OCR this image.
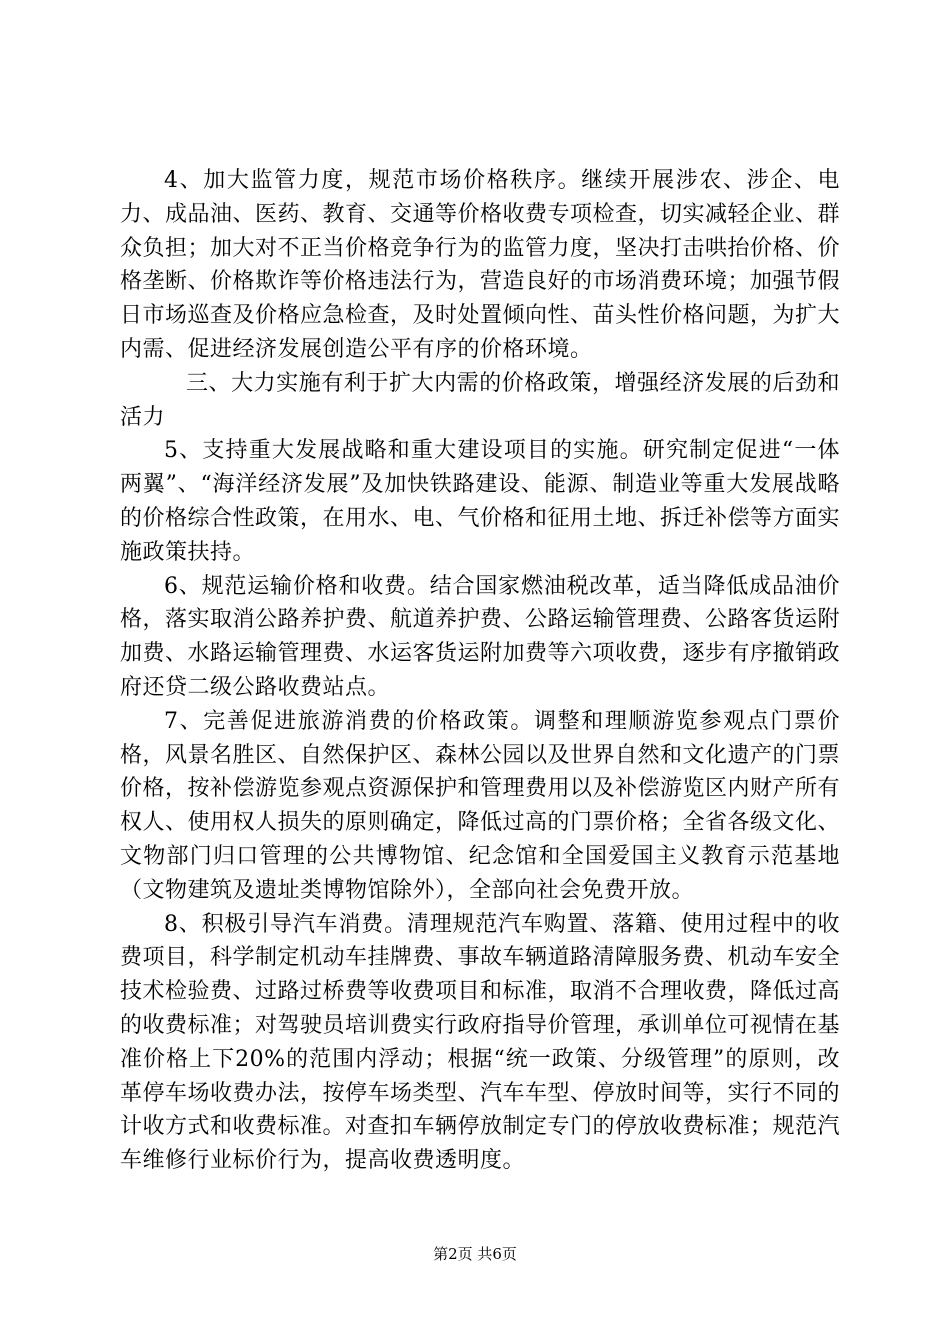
4、加大监管力度，规范市场价格秩序。继续开展涉农、涉企、电力、成品油、医药、教育、交通等价格收费专项检查，切实减轻企业、群众负担；加大对不正当价格竞争行为的监管力度，坚决打击哄抬价格、价格垄断、价格欺诈等价格违法行为，营造良好的市场消费环境；加强节假日市场巡查及价格应急检查，及时处置倾向性、苗头性价格问题，为扩大内需、促进经济发展创造公平有序的价格环境。

三、大力实施有利于扩大内需的价格政策，增强经济发展的后劲和活力

5、支持重大发展战略和重大建设项目的实施。研究制定促进“一体两翼”、“海洋经济发展”及加快铁路建设、能源、制造业等重大发展战略的价格综合性政策，在用水、电、气价格和征用土地、拆迁补偿等方面实施政策扶持。

6、规范运输价格和收费。结合国家燃油税改革，适当降低成品油价格，落实取消公路养护费、航道养护费、公路运输管理费、公路客货运附加费、水路运输管理费、水运客货运附加费等六项收费，逐步有序撤销政府还贷二级公路收费站点。

7、完善促进旅游消费的价格政策。调整和理顺游览参观点门票价格，风景名胜区、自然保护区、森林公园以及世界自然和文化遗产的门票价格，按补偿游览参观点资源保护和管理费用以及补偿游览区内财产所有权人、使用权人损失的原则确定，降低过高的门票价格；全省各级文化、文物部门归口管理的公共博物馆、纪念馆和全国爱国主义教育示范基地（文物建筑及遗址类博物馆除外），全部向社会免费开放。

8、积极引导汽车消费。清理规范汽车购置、落籍、使用过程中的收费项目，科学制定机动车挂牌费、事故车辆道路清障服务费、机动车安全技术检验费、过路过桥费等收费项目和标准，取消不合理收费，降低过高的收费标准；对驾驶员培训费实行政府指导价管理，承训单位可视情在基准价格上下20%的范围内浮动；根据“统一政策、分级管理”的原则，改革停车场收费办法，按停车场类型、汽车车型、停放时间等，实行不同的计收方式和收费标准。对查扣车辆停放制定专门的停放收费标准；规范汽车维修行业标价行为，提高收费透明度。

第2页 共6页
